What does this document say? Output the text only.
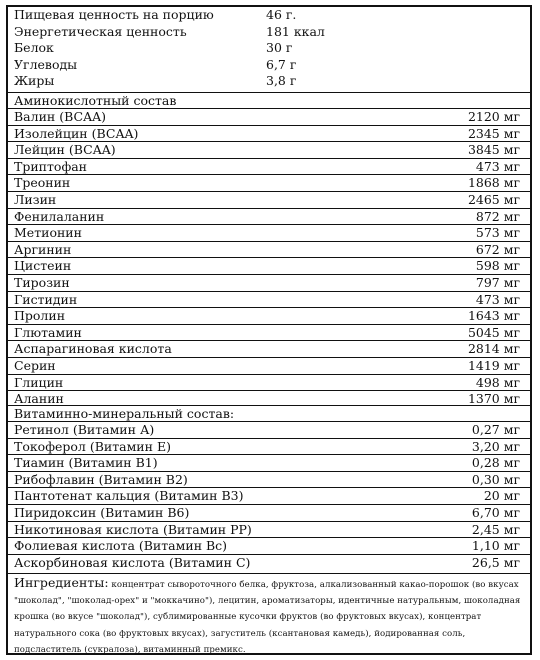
Пищевая ценность на порцию	46 г.
Энергетическая ценность	181 ккал
Белок	30 г
Углеводы	6,7 г
Жиры	3,8 г
Аминокислотный состав
Валин (BCAA)	2120 мг
Изолейцин (BCAA)	2345 мг
Лейцин (BCAA)	3845 мг
Триптофан	473 мг
Треонин	1868 мг
Лизин	2465 мг
Фенилаланин	872 мг
Метионин	573 мг
Аргинин	672 мг
Цистеин	598 мг
Тирозин	797 мг
Гистидин	473 мг
Пролин	1643 мг
Глютамин	5045 мг
Аспарагиновая кислота	2814 мг
Серин	1419 мг
Глицин	498 мг
Аланин	1370 мг
Витаминно-минеральный состав:
Ретинол (Витамин А)	0,27 мг
Токоферол (Витамин Е)	3,20 мг
Тиамин (Витамин В1)	0,28 мг
Рибофлавин (Витамин В2)	0,30 мг
Пантотенат кальция (Витамин В3)	20 мг
Пиридоксин (Витамин В6)	6,70 мг
Никотиновая кислота (Витамин РР)	2,45 мг
Фолиевая кислота (Витамин Вс)	1,10 мг
Аскорбиновая кислота (Витамин С)	26,5 мг
Ингредиенты: концентрат сывороточного белка, фруктоза, алкализованный какао-порошок (во вкусах "шоколад", "шоколад-орех" и "моккачино"), лецитин, ароматизаторы, идентичные натуральным, шоколадная крошка (во вкусе "шоколад"), сублимированные кусочки фруктов (во фруктовых вкусах), концентрат натурального сока (во фруктовых вкусах), загуститель (ксантановая камедь), йодированная соль, подсластитель (сукралоза), витаминный премикс.
